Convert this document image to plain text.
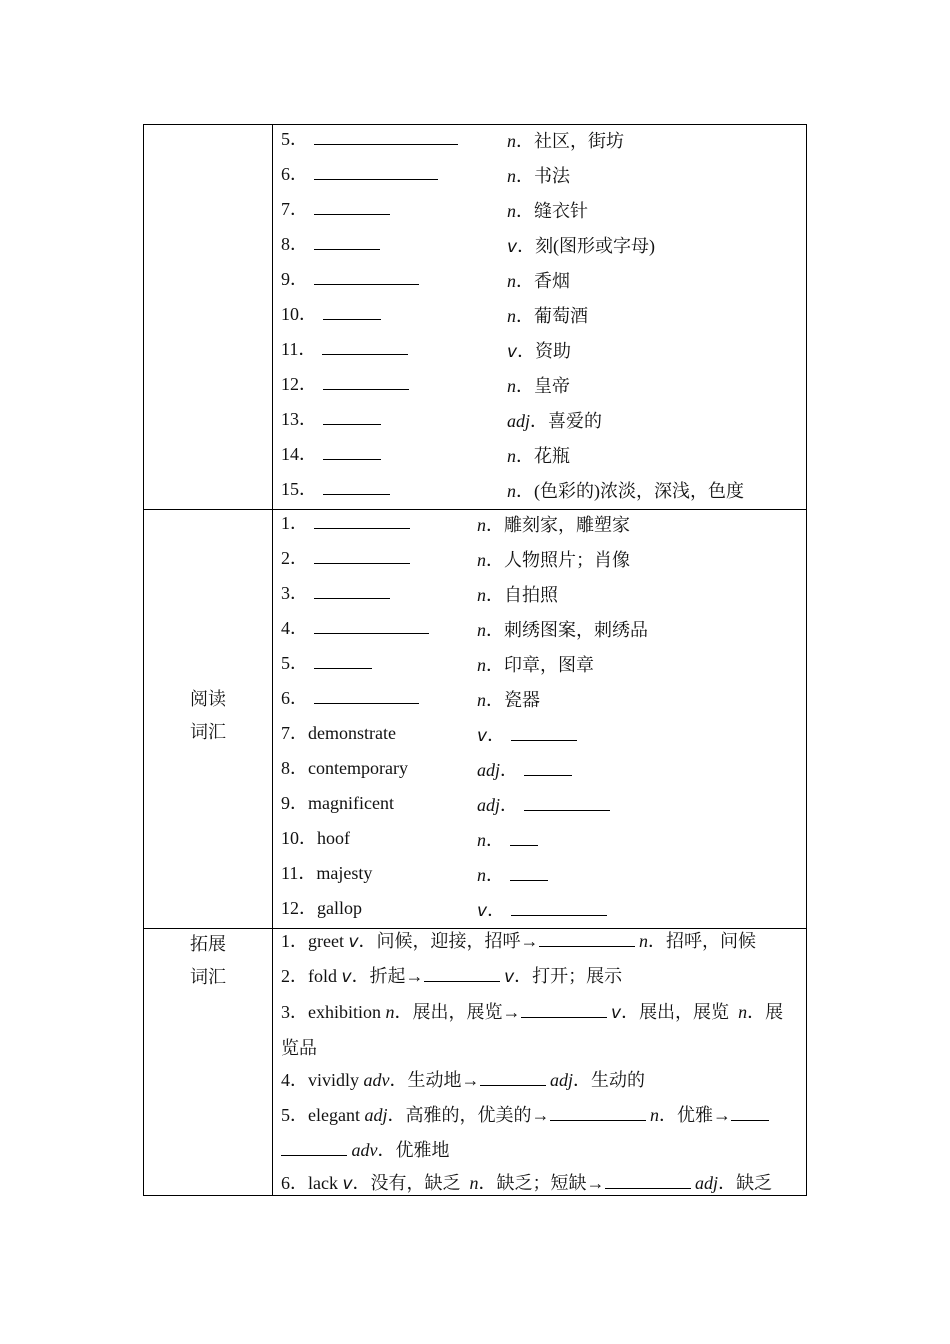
5．	n．社区，街坊
6．	n．书法
7．	n．缝衣针
8．	v．刻(图形或字母)
9．	n．香烟
10．	n．葡萄酒
11．	v．资助
12．	n．皇帝
13．	adj．喜爱的
14．	n．花瓶
15．	n．(色彩的)浓淡，深浅，色度
阅读
词汇
1．	n．雕刻家，雕塑家
2．	n．人物照片；肖像
3．	n．自拍照
4．	n．刺绣图案，刺绣品
5．	n．印章，图章
6．	n．瓷器
7．demonstrate	v．
8．contemporary	adj．
9．magnificent	adj．
10．hoof	n．
11．majesty	n．
12．gallop	v．
拓展
词汇
1．greet v．问候，迎接，招呼→	n．招呼，问候
2．fold v．折起→	v．打开；展示
3．exhibition n．展出，展览→	v．展出，展览 n．展览品
4．vividly adv．生动地→	adj．生动的
5．elegant adj．高雅的，优美的→	n．优雅→
adv．优雅地
6．lack v．没有，缺乏 n．缺乏；短缺→	adj．缺乏
